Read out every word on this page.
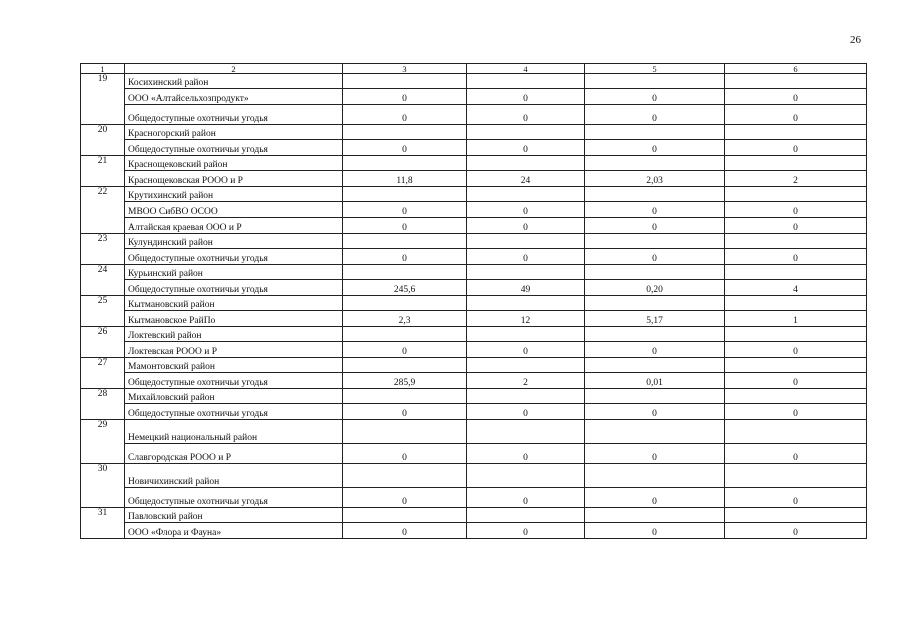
26
1	2	3	4	5	6
19	Косихинский район				
	ООО «Алтайсельхозпродукт»	0	0	0	0
	Общедоступные охотничьи угодья	0	0	0	0
20	Красногорский район				
	Общедоступные охотничьи угодья	0	0	0	0
21	Краснощековский район				
	Краснощековская РООО и Р	11,8	24	2,03	2
22	Крутихинский район				
	МВОО СибВО ОСОО	0	0	0	0
	Алтайская краевая ООО и Р	0	0	0	0
23	Кулундинский район				
	Общедоступные охотничьи угодья	0	0	0	0
24	Курьинский район				
	Общедоступные охотничьи угодья	245,6	49	0,20	4
25	Кытмановский район				
	Кытмановское РайПо	2,3	12	5,17	1
26	Локтевский район				
	Локтевская РООО и Р	0	0	0	0
27	Мамонтовский район				
	Общедоступные охотничьи угодья	285,9	2	0,01	0
28	Михайловский район				
	Общедоступные охотничьи угодья	0	0	0	0
29	Немецкий национальный район				
	Славгородская РООО и Р	0	0	0	0
30	Новичихинский район				
	Общедоступные охотничьи угодья	0	0	0	0
31	Павловский район				
	ООО «Флора и Фауна»	0	0	0	0
